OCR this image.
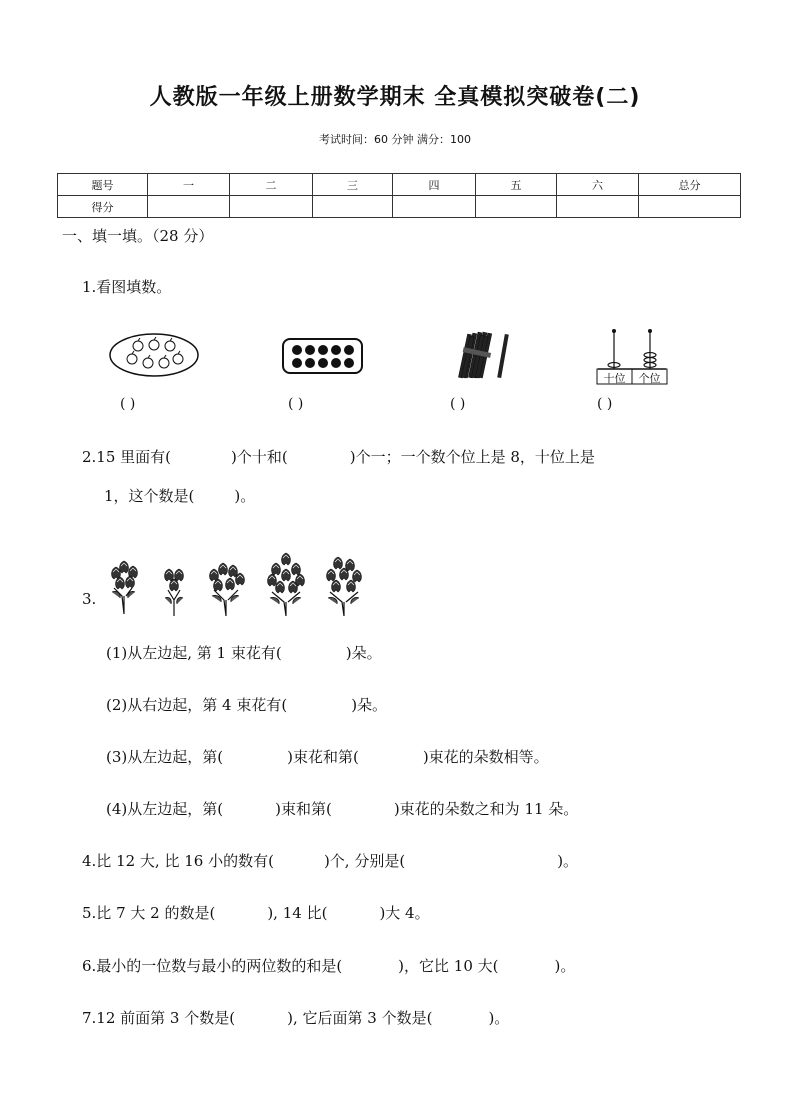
人教版一年级上册数学期末 全真模拟突破卷(二)
考试时间：60 分钟 满分：100
题号	一	二	三	四	五	六	总分
得分							
一、填一填。（28 分）
1.看图填数。
十位	个位
( )	( )	( )	( )
2.15 里面有(	)个十和(	)个一；一个数个位上是 8，十位上是
1，这个数是(	)。
3.
(1)从左边起, 第 1 束花有(	)朵。
(2)从右边起，第 4 束花有(	)朵。
(3)从左边起，第(	)束花和第(	)束花的朵数相等。
(4)从左边起，第(	)束和第(	)束花的朵数之和为 11 朵。
4.比 12 大, 比 16 小的数有(	)个, 分别是(	)。
5.比 7 大 2 的数是(	), 14 比(	)大 4。
6.最小的一位数与最小的两位数的和是(	)，它比 10 大(	)。
7.12 前面第 3 个数是(	), 它后面第 3 个数是(	)。
